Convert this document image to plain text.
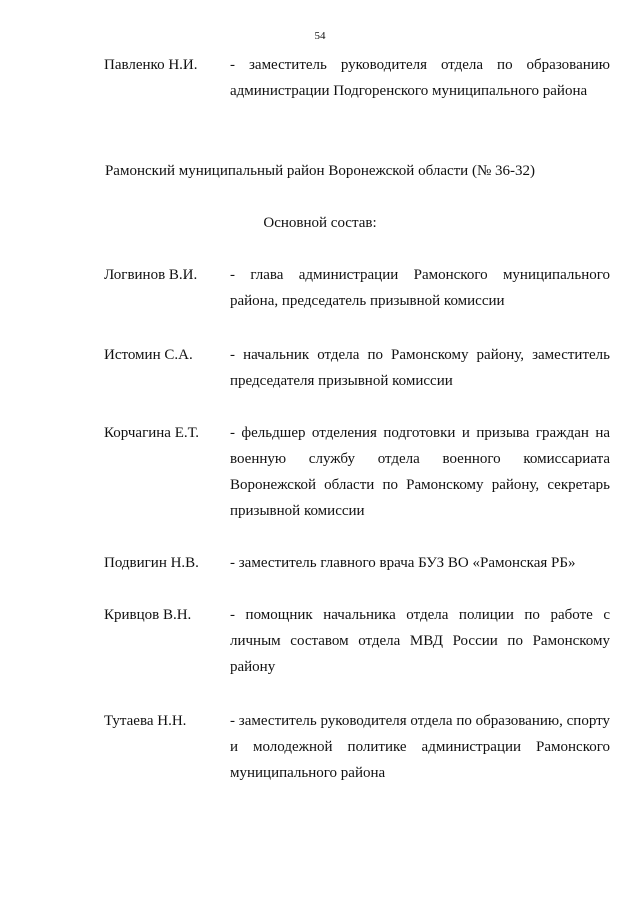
54
Павленко Н.И.	- заместитель руководителя отдела по образованию администрации Подгоренского муниципального района
Рамонский муниципальный район Воронежской области (№ 36-32)
Основной состав:
Логвинов В.И.	- глава администрации Рамонского муниципального района, председатель призывной комиссии
Истомин С.А.	- начальник отдела по Рамонскому району, заместитель председателя призывной комиссии
Корчагина Е.Т.	- фельдшер отделения подготовки и призыва граждан на военную службу отдела военного комиссариата Воронежской области по Рамонскому району, секретарь призывной комиссии
Подвигин Н.В.	- заместитель главного врача БУЗ ВО «Рамонская РБ»
Кривцов В.Н.	- помощник начальника отдела полиции по работе с личным составом отдела МВД России по Рамонскому району
Тутаева Н.Н.	- заместитель руководителя отдела по образованию, спорту и молодежной политике администрации Рамонского муниципального района
